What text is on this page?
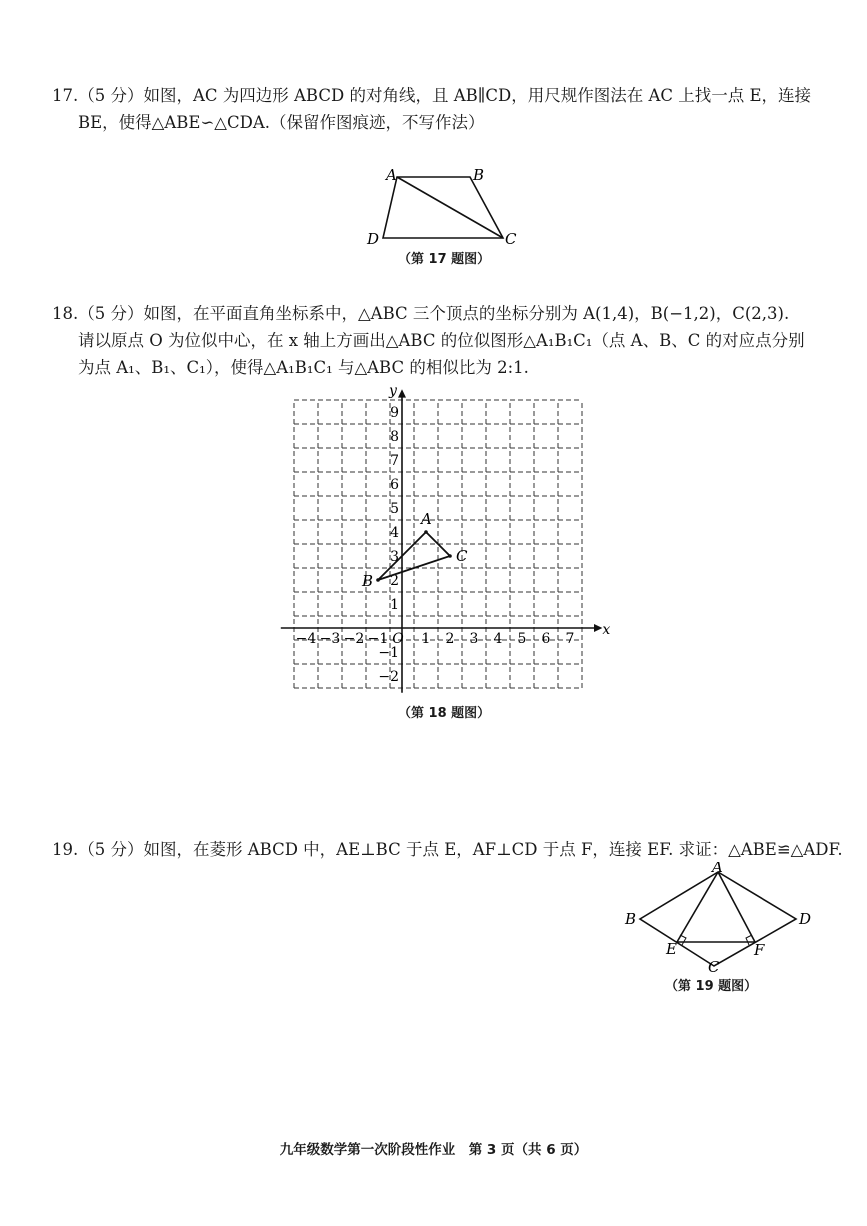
17.（5 分）如图，AC 为四边形 ABCD 的对角线，且 AB∥CD，用尺规作图法在 AC 上找一点 E，连接
BE，使得△ABE∽△CDA.（保留作图痕迹，不写作法）
A	B
C
D
（第 17 题图）
18.（5 分）如图，在平面直角坐标系中，△ABC 三个顶点的坐标分别为 A(1,4)，B(−1,2)，C(2,3).
请以原点 O 为位似中心，在 x 轴上方画出△ABC 的位似图形△A₁B₁C₁（点 A、B、C 的对应点分别
为点 A₁、B₁、C₁），使得△A₁B₁C₁ 与△ABC 的相似比为 2:1.
x
y
−4 −3 −2 −1 1 2 3 4 5 6 7
O
9
8
7
6
5
4
3
2
1
−1
−2
A
B
C
（第 18 题图）
19.（5 分）如图，在菱形 ABCD 中，AE⊥BC 于点 E，AF⊥CD 于点 F，连接 EF. 求证：△ABE≌△ADF.
A
B
C
D
E	F
（第 19 题图）
九年级数学第一次阶段性作业　第 3 页（共 6 页）
